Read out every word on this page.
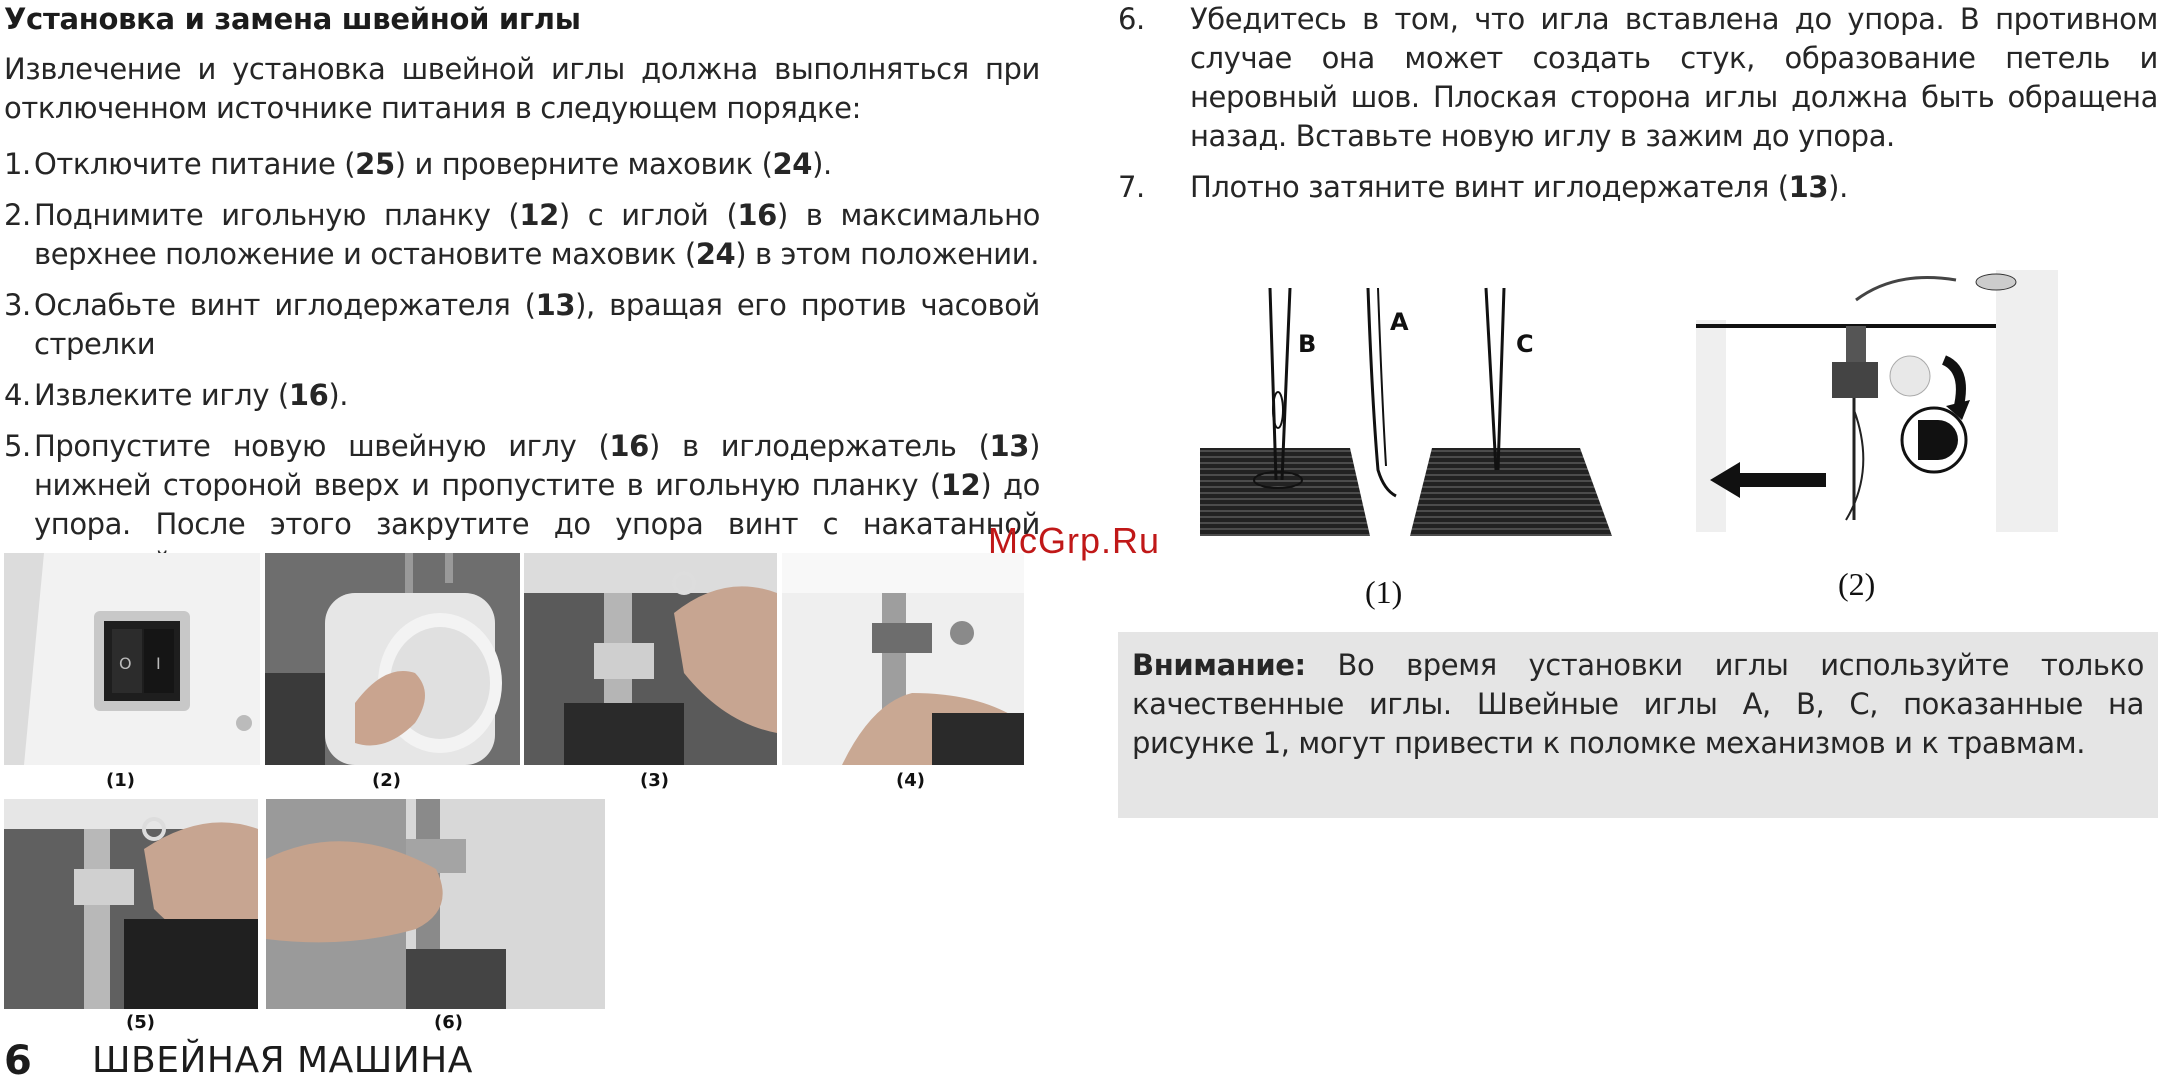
Установка и замена швейной иглы
Извлечение и установка швейной иглы должна выполняться при отключенном источнике питания в следующем порядке:
1. Отключите питание (25) и проверните маховик (24).
2. Поднимите игольную планку (12) с иглой (16) в максимально верхнее положение и остановите маховик (24) в этом положении.
3. Ослабьте винт иглодержателя (13), вращая его против часовой стрелки
4. Извлеките иглу (16).
5. Пропустите новую швейную иглу (16) в иглодержатель (13) нижней стороной вверх и пропустите в игольную планку (12) до упора. После этого закрутите до упора винт с накатанной
6.	Убедитесь в том, что игла вставлена до упора. В противном случае она может создать стук, образование петель и неровный шов. Плоская сторона иглы должна быть обращена назад. Вставьте новую иглу в зажим до упора.
7.	Плотно затяните винт иглодержателя (13).
O I
(1)	(2)	(3)	(4)
(5)	(6)
McGrp.Ru
B
A
C
(1)	(2)
Внимание: Во время установки иглы используйте только качественные иглы. Швейные иглы A, B, C, показанные на рисунке 1, могут привести к поломке механизмов и к травмам.
6 ШВЕЙНАЯ МАШИНА
